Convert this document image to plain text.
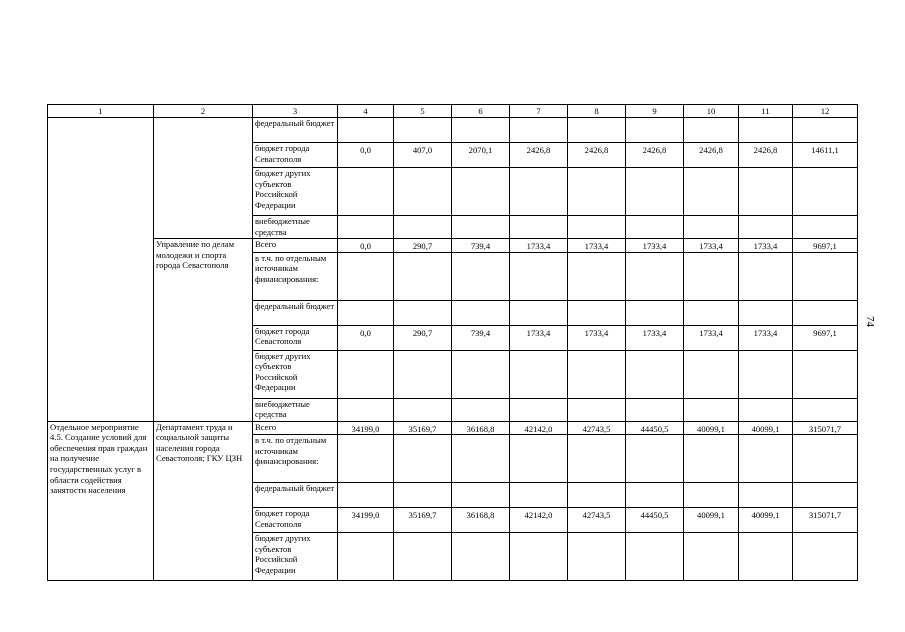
1	2	3	4	5	6	7	8	9	10	11	12
		федеральный бюджет									
		бюджет города Севастополя	0,0	407,0	2070,1	2426,8	2426,8	2426,8	2426,8	2426,8	14611,1

		бюджет других субъектов Российской Федерации									
		внебюджетные средства									
	Управление по делам молодежи и спорта города Севастополя	Всего	0,0	290,7	739,4	1733,4	1733,4	1733,4	1733,4	1733,4	9697,1

		в т.ч. по отдельным источникам финансирования:									
		федеральный бюджет									
		бюджет города Севастополя	0,0	290,7	739,4	1733,4	1733,4	1733,4	1733,4	1733,4	9697,1

		бюджет других субъектов Российской Федерации									
		внебюджетные средства									
Отдельное мероприятие 4.5. Создание условий для обеспечения прав граждан на получение государственных услуг в области содействия занятости населения	Департамент труда и социальной защиты населения города Севастополя; ГКУ ЦЗН	Всего	34199,0	35169,7	36168,8	42142,0	42743,5	44450,5	40099,1	40099,1	315071,7

		в т.ч. по отдельным источникам финансирования:									
		федеральный бюджет									
		бюджет города Севастополя	34199,0	35169,7	36168,8	42142,0	42743,5	44450,5	40099,1	40099,1	315071,7

		бюджет других субъектов Российской Федерации									
74
